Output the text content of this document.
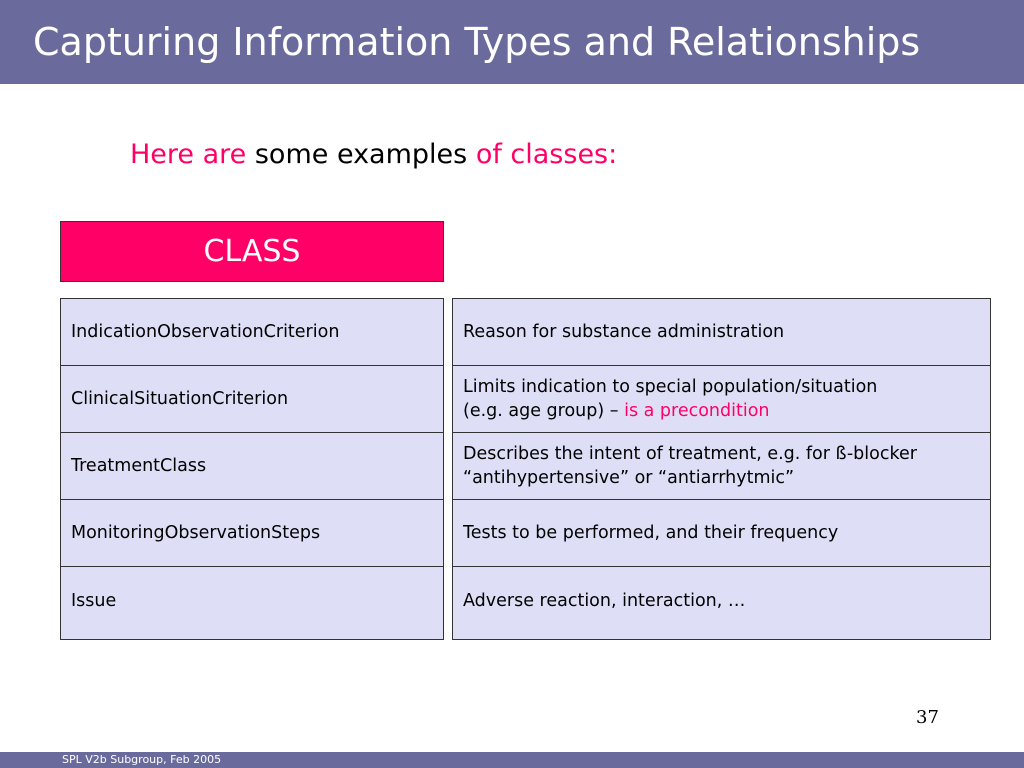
Capturing Information Types and Relationships
Here are some examples of classes:
CLASS
IndicationObservationCriterion
ClinicalSituationCriterion
TreatmentClass
MonitoringObservationSteps
Issue
Reason for substance administration
Limits indication to special population/situation
(e.g. age group) – is a precondition
Describes the intent of treatment, e.g. for ß-blocker
“antihypertensive” or “antiarrhytmic”
Tests to be performed, and their frequency
Adverse reaction, interaction, …
37
SPL V2b Subgroup, Feb 2005
